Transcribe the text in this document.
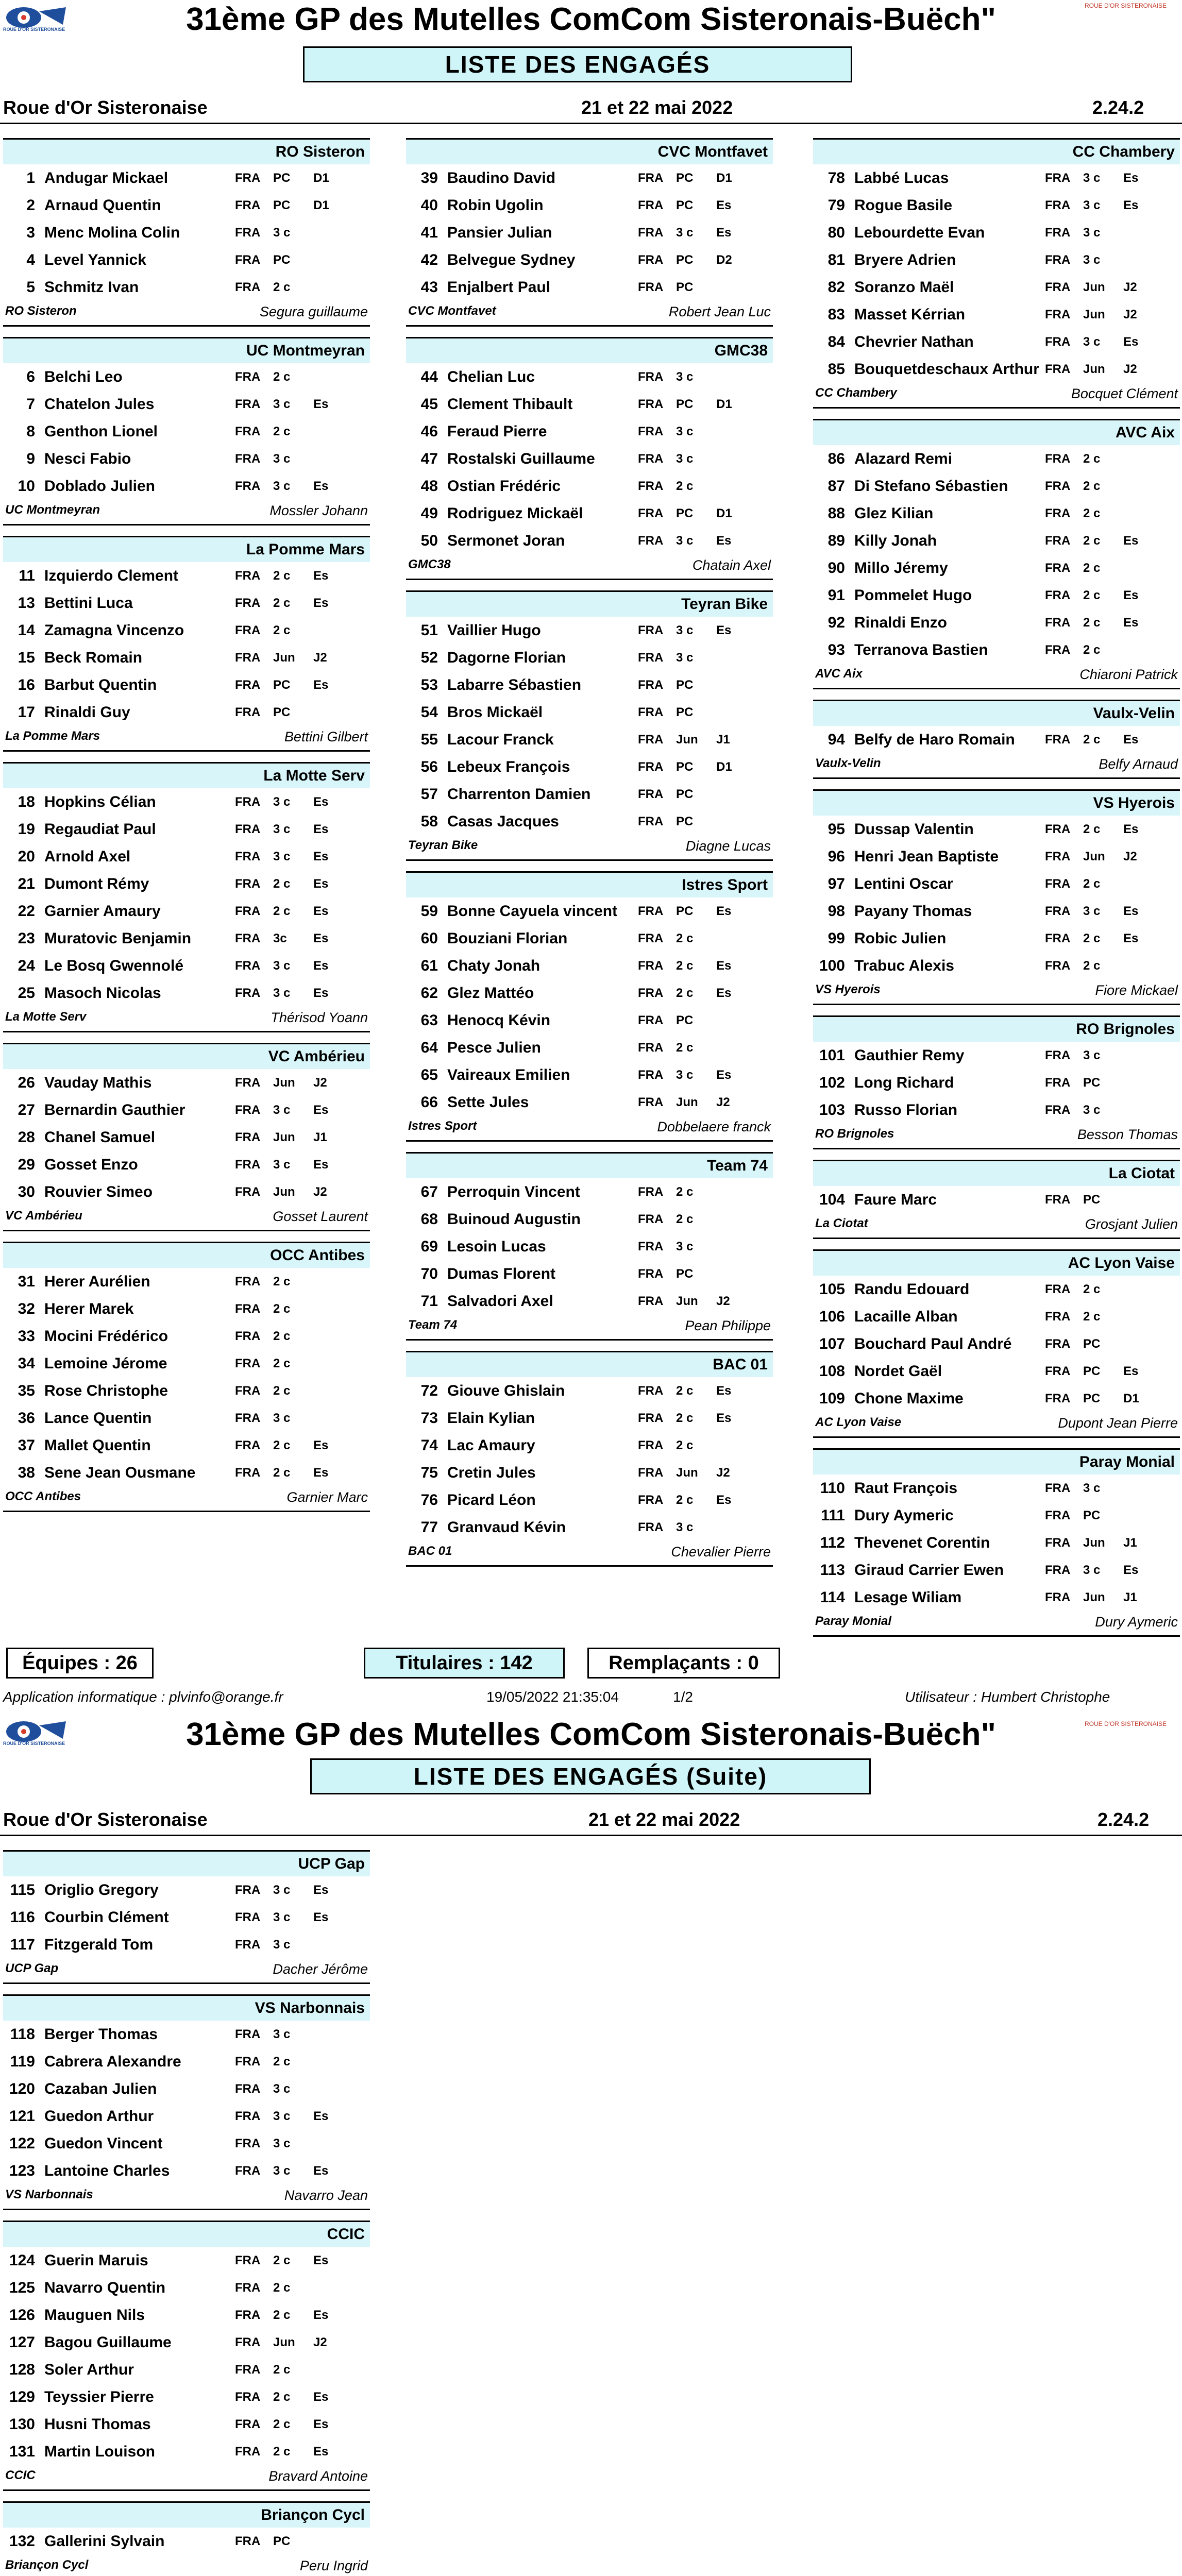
ROUE D'OR SISTERONAISE
ROUE D'OR SISTERONAISE
31ème GP des Mutelles ComCom Sisteronais-Buëch"
LISTE DES ENGAGÉS
Roue d'Or Sisteronaise	21 et 22 mai 2022	2.24.2
RO Sisteron
1 Andugar Mickael	FRA	PC	D1
2 Arnaud Quentin	FRA	PC	D1
3 Menc Molina Colin	FRA	3 c
4 Level Yannick	FRA	PC
5 Schmitz Ivan	FRA	2 c
RO Sisteron	Segura guillaume
UC Montmeyran
6 Belchi Leo	FRA	2 c
7 Chatelon Jules	FRA	3 c	Es
8 Genthon Lionel	FRA	2 c
9 Nesci Fabio	FRA	3 c
10 Doblado Julien	FRA	3 c	Es
UC Montmeyran	Mossler Johann
La Pomme Mars
11 Izquierdo Clement	FRA	2 c	Es
13 Bettini Luca	FRA	2 c	Es
14 Zamagna Vincenzo	FRA	2 c
15 Beck Romain	FRA	Jun	J2
16 Barbut Quentin	FRA	PC	Es
17 Rinaldi Guy	FRA	PC
La Pomme Mars	Bettini Gilbert
La Motte Serv
18 Hopkins Célian	FRA	3 c	Es
19 Regaudiat Paul	FRA	3 c	Es
20 Arnold Axel	FRA	3 c	Es
21 Dumont Rémy	FRA	2 c	Es
22 Garnier Amaury	FRA	2 c	Es
23 Muratovic Benjamin	FRA	3c	Es
24 Le Bosq Gwennolé	FRA	3 c	Es
25 Masoch Nicolas	FRA	3 c	Es
La Motte Serv	Thérisod Yoann
VC Ambérieu
26 Vauday Mathis	FRA	Jun	J2
27 Bernardin Gauthier	FRA	3 c	Es
28 Chanel Samuel	FRA	Jun	J1
29 Gosset Enzo	FRA	3 c	Es
30 Rouvier Simeo	FRA	Jun	J2
VC Ambérieu	Gosset Laurent
OCC Antibes
31 Herer Aurélien	FRA	2 c
32 Herer Marek	FRA	2 c
33 Mocini Frédérico	FRA	2 c
34 Lemoine Jérome	FRA	2 c
35 Rose Christophe	FRA	2 c
36 Lance Quentin	FRA	3 c
37 Mallet Quentin	FRA	2 c	Es
38 Sene Jean Ousmane	FRA	2 c	Es
OCC Antibes	Garnier Marc
CVC Montfavet
39 Baudino David	FRA	PC	D1
40 Robin Ugolin	FRA	PC	Es
41 Pansier Julian	FRA	3 c	Es
42 Belvegue Sydney	FRA	PC	D2
43 Enjalbert Paul	FRA	PC
CVC Montfavet	Robert Jean Luc
GMC38
44 Chelian Luc	FRA	3 c
45 Clement Thibault	FRA	PC	D1
46 Feraud Pierre	FRA	3 c
47 Rostalski Guillaume	FRA	3 c
48 Ostian Frédéric	FRA	2 c
49 Rodriguez Mickaël	FRA	PC	D1
50 Sermonet Joran	FRA	3 c	Es
GMC38	Chatain Axel
Teyran Bike
51 Vaillier Hugo	FRA	3 c	Es
52 Dagorne Florian	FRA	3 c
53 Labarre Sébastien	FRA	PC
54 Bros Mickaël	FRA	PC
55 Lacour Franck	FRA	Jun	J1
56 Lebeux François	FRA	PC	D1
57 Charrenton Damien	FRA	PC
58 Casas Jacques	FRA	PC
Teyran Bike	Diagne Lucas
Istres Sport
59 Bonne Cayuela vincent	FRA	PC	Es
60 Bouziani Florian	FRA	2 c
61 Chaty Jonah	FRA	2 c	Es
62 Glez Mattéo	FRA	2 c	Es
63 Henocq Kévin	FRA	PC
64 Pesce Julien	FRA	2 c
65 Vaireaux Emilien	FRA	3 c	Es
66 Sette Jules	FRA	Jun	J2
Istres Sport	Dobbelaere franck
Team 74
67 Perroquin Vincent	FRA	2 c
68 Buinoud Augustin	FRA	2 c
69 Lesoin Lucas	FRA	3 c
70 Dumas Florent	FRA	PC
71 Salvadori Axel	FRA	Jun	J2
Team 74	Pean Philippe
BAC 01
72 Giouve Ghislain	FRA	2 c	Es
73 Elain Kylian	FRA	2 c	Es
74 Lac Amaury	FRA	2 c
75 Cretin Jules	FRA	Jun	J2
76 Picard Léon	FRA	2 c	Es
77 Granvaud Kévin	FRA	3 c
BAC 01	Chevalier Pierre
CC Chambery
78 Labbé Lucas	FRA	3 c	Es
79 Rogue Basile	FRA	3 c	Es
80 Lebourdette Evan	FRA	3 c
81 Bryere Adrien	FRA	3 c
82 Soranzo Maël	FRA	Jun	J2
83 Masset Kérrian	FRA	Jun	J2
84 Chevrier Nathan	FRA	3 c	Es
85 Bouquetdeschaux Arthur FRA	Jun	J2
CC Chambery	Bocquet Clément
AVC Aix
86 Alazard Remi	FRA	2 c
87 Di Stefano Sébastien	FRA	2 c
88 Glez Kilian	FRA	2 c
89 Killy Jonah	FRA	2 c	Es
90 Millo Jéremy	FRA	2 c
91 Pommelet Hugo	FRA	2 c	Es
92 Rinaldi Enzo	FRA	2 c	Es
93 Terranova Bastien	FRA	2 c
AVC Aix	Chiaroni Patrick
Vaulx-Velin
94 Belfy de Haro Romain	FRA	2 c	Es
Vaulx-Velin	Belfy Arnaud
VS Hyerois
95 Dussap Valentin	FRA	2 c	Es
96 Henri Jean Baptiste	FRA	Jun	J2
97 Lentini Oscar	FRA	2 c
98 Payany Thomas	FRA	3 c	Es
99 Robic Julien	FRA	2 c	Es
100 Trabuc Alexis	FRA	2 c
VS Hyerois	Fiore Mickael
RO Brignoles
101 Gauthier Remy	FRA	3 c
102 Long Richard	FRA	PC
103 Russo Florian	FRA	3 c
RO Brignoles	Besson Thomas
La Ciotat
104 Faure Marc	FRA	PC
La Ciotat	Grosjant Julien
AC Lyon Vaise
105 Randu Edouard	FRA	2 c
106 Lacaille Alban	FRA	2 c
107 Bouchard Paul André	FRA	PC
108 Nordet Gaël	FRA	PC	Es
109 Chone Maxime	FRA	PC	D1
AC Lyon Vaise	Dupont Jean Pierre
Paray Monial
110 Raut François	FRA	3 c
111 Dury Aymeric	FRA	PC
112 Thevenet Corentin	FRA	Jun	J1
113 Giraud Carrier Ewen	FRA	3 c	Es
114 Lesage Wiliam	FRA	Jun	J1
Paray Monial	Dury Aymeric
Équipes : 26	Titulaires : 142	Remplaçants : 0
Application informatique : plvinfo@orange.fr	19/05/2022 21:35:04	1/2	Utilisateur : Humbert Christophe
ROUE D'OR SISTERONAISE
ROUE D'OR SISTERONAISE
31ème GP des Mutelles ComCom Sisteronais-Buëch"
LISTE DES ENGAGÉS (Suite)
Roue d'Or Sisteronaise	21 et 22 mai 2022	2.24.2
UCP Gap
115 Origlio Gregory	FRA	3 c	Es
116 Courbin Clément	FRA	3 c	Es
117 Fitzgerald Tom	FRA	3 c
UCP Gap	Dacher Jérôme
VS Narbonnais
118 Berger Thomas	FRA	3 c
119 Cabrera Alexandre	FRA	2 c
120 Cazaban Julien	FRA	3 c
121 Guedon Arthur	FRA	3 c	Es
122 Guedon Vincent	FRA	3 c
123 Lantoine Charles	FRA	3 c	Es
VS Narbonnais	Navarro Jean
CCIC
124 Guerin Maruis	FRA	2 c	Es
125 Navarro Quentin	FRA	2 c
126 Mauguen Nils	FRA	2 c	Es
127 Bagou Guillaume	FRA	Jun	J2
128 Soler Arthur	FRA	2 c
129 Teyssier Pierre	FRA	2 c	Es
130 Husni Thomas	FRA	2 c	Es
131 Martin Louison	FRA	2 c	Es
CCIC	Bravard Antoine
Briançon Cycl
132 Gallerini Sylvain	FRA	PC
Briançon Cycl	Peru Ingrid
